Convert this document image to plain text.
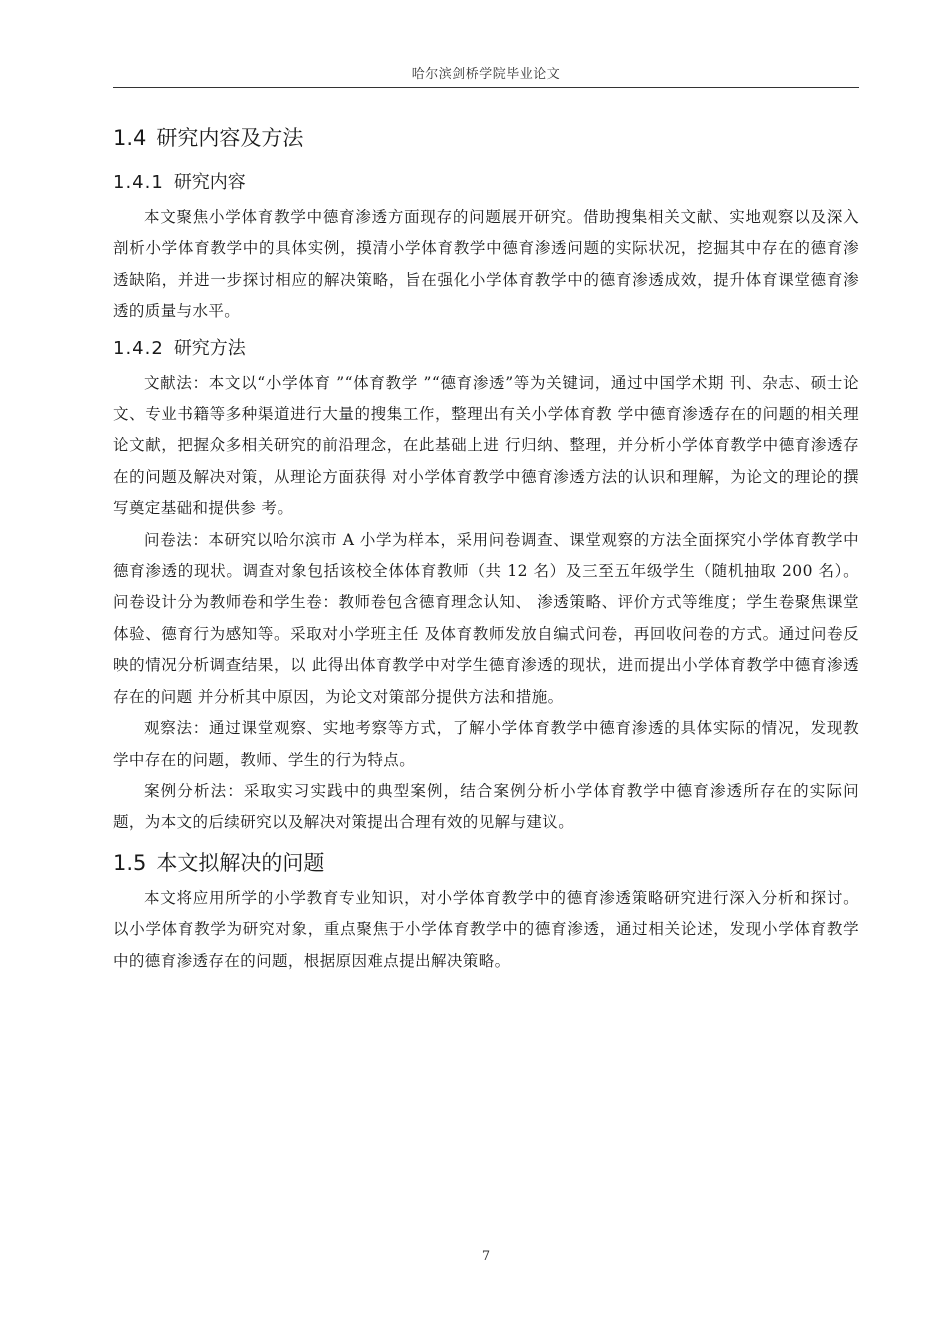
哈尔滨剑桥学院毕业论文
1.4 研究内容及方法
1.4.1 研究内容

本文聚焦小学体育教学中德育渗透方面现存的问题展开研究。借助搜集相关文献、实地观察以及深入剖析小学体育教学中的具体实例，摸清小学体育教学中德育渗透问题的实际状况，挖掘其中存在的德育渗透缺陷，并进一步探讨相应的解决策略，旨在强化小学体育教学中的德育渗透成效，提升体育课堂德育渗透的质量与水平。

1.4.2 研究方法

文献法：本文以“小学体育 ”“体育教学 ”“德育渗透”等为关键词，通过中国学术期 刊、杂志、硕士论文、专业书籍等多种渠道进行大量的搜集工作，整理出有关小学体育教 学中德育渗透存在的问题的相关理论文献，把握众多相关研究的前沿理念，在此基础上进 行归纳、整理，并分析小学体育教学中德育渗透存在的问题及解决对策，从理论方面获得 对小学体育教学中德育渗透方法的认识和理解，为论文的理论的撰写奠定基础和提供参 考。

问卷法：本研究以哈尔滨市 A 小学为样本，采用问卷调查、课堂观察的方法全面探究小学体育教学中德育渗透的现状。调查对象包括该校全体体育教师（共 12 名）及三至五年级学生（随机抽取 200 名）。问卷设计分为教师卷和学生卷：教师卷包含德育理念认知、 渗透策略、评价方式等维度；学生卷聚焦课堂体验、德育行为感知等。采取对小学班主任 及体育教师发放自编式问卷，再回收问卷的方式。通过问卷反映的情况分析调查结果，以 此得出体育教学中对学生德育渗透的现状，进而提出小学体育教学中德育渗透存在的问题 并分析其中原因，为论文对策部分提供方法和措施。

观察法：通过课堂观察、实地考察等方式，了解小学体育教学中德育渗透的具体实际的情况，发现教学中存在的问题，教师、学生的行为特点。

案例分析法：采取实习实践中的典型案例，结合案例分析小学体育教学中德育渗透所存在的实际问题，为本文的后续研究以及解决对策提出合理有效的见解与建议。

1.5 本文拟解决的问题

本文将应用所学的小学教育专业知识，对小学体育教学中的德育渗透策略研究进行深入分析和探讨。以小学体育教学为研究对象，重点聚焦于小学体育教学中的德育渗透，通过相关论述，发现小学体育教学中的德育渗透存在的问题，根据原因难点提出解决策略。

7
